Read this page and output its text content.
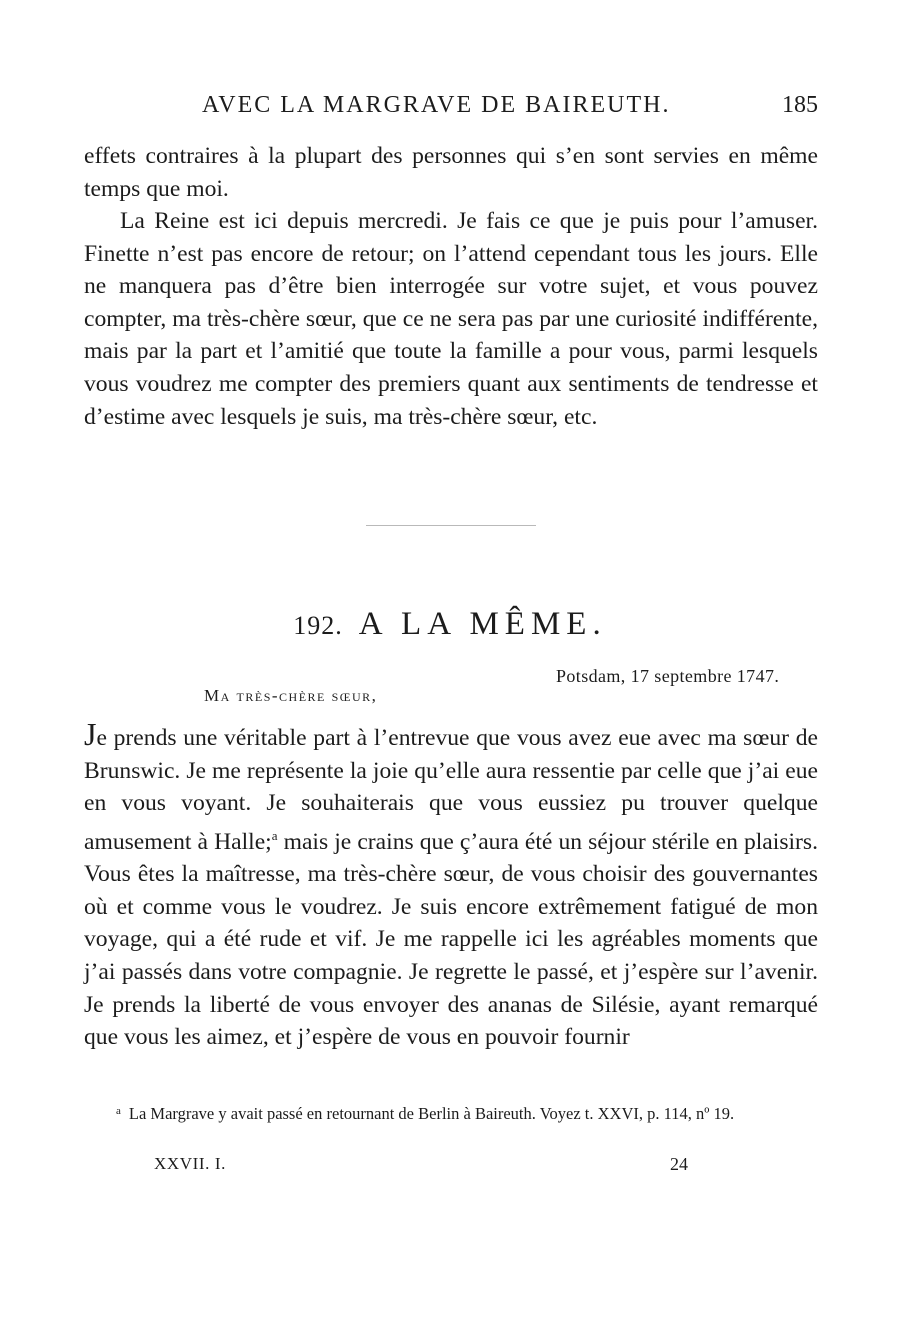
AVEC LA MARGRAVE DE BAIREUTH.	185

effets contraires à la plupart des personnes qui s’en sont servies en même temps que moi.

La Reine est ici depuis mercredi. Je fais ce que je puis pour l’amuser. Finette n’est pas encore de retour; on l’attend cependant tous les jours. Elle ne manquera pas d’être bien interrogée sur votre sujet, et vous pouvez compter, ma très-chère sœur, que ce ne sera pas par une curiosité indifférente, mais par la part et l’amitié que toute la famille a pour vous, parmi lesquels vous voudrez me compter des premiers quant aux sentiments de tendresse et d’estime avec lesquels je suis, ma très-chère sœur, etc.

192. A LA MÊME.
Potsdam, 17 septembre 1747.
Ma très-chère sœur,

Je prends une véritable part à l’entrevue que vous avez eue avec ma sœur de Brunswic. Je me représente la joie qu’elle aura ressentie par celle que j’ai eue en vous voyant. Je souhaiterais que vous eussiez pu trouver quelque amusement à Halle;$^a$ mais je crains que ç’aura été un séjour stérile en plaisirs. Vous êtes la maîtresse, ma très-chère sœur, de vous choisir des gouvernantes où et comme vous le voudrez. Je suis encore extrêmement fatigué de mon voyage, qui a été rude et vif. Je me rappelle ici les agréables moments que j’ai passés dans votre compagnie. Je regrette le passé, et j’espère sur l’avenir. Je prends la liberté de vous envoyer des ananas de Silésie, ayant remarqué que vous les aimez, et j’espère de vous en pouvoir fournir

$^a$ La Margrave y avait passé en retournant de Berlin à Baireuth. Voyez t. XXVI, p. 114, nº 19.

XXVII. I.	24
